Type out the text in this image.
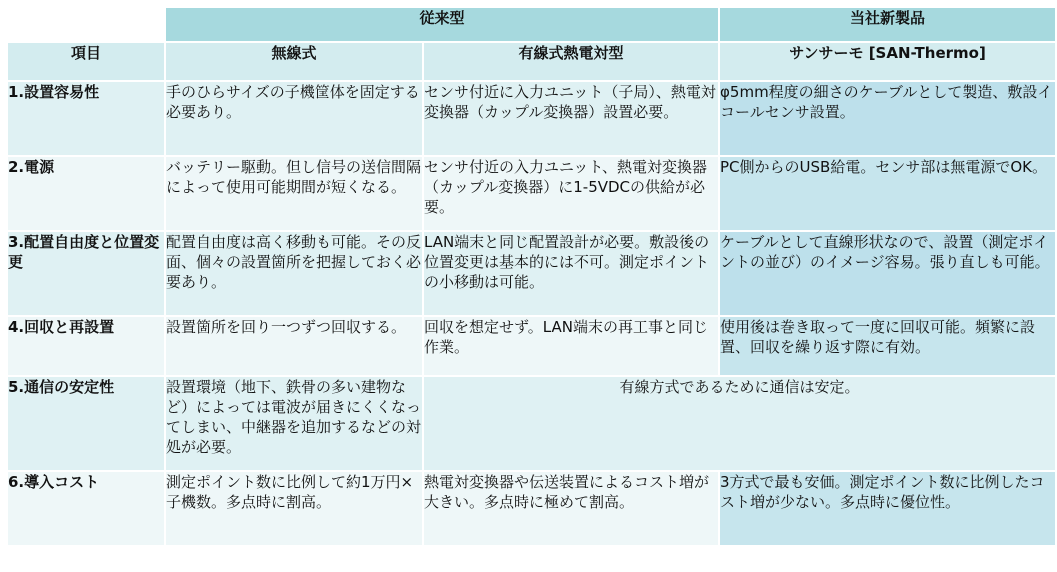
	従来型		当社新製品
項目	無線式	有線式熱電対型	サンサーモ [SAN-Thermo]
1.設置容易性	手のひらサイズの子機筐体を固定する必要あり。	センサ付近に入力ユニット（子局）、熱電対変換器（カップル変換器）設置必要。	φ5mm程度の細さのケーブルとして製造、敷設イコールセンサ設置。
2.電源	バッテリー駆動。但し信号の送信間隔によって使用可能期間が短くなる。	センサ付近の入力ユニット、熱電対変換器（カップル変換器）に1-5VDCの供給が必要。	PC側からのUSB給電。センサ部は無電源でOK。
3.配置自由度と位置変更	配置自由度は高く移動も可能。その反面、個々の設置箇所を把握しておく必要あり。	LAN端末と同じ配置設計が必要。敷設後の位置変更は基本的には不可。測定ポイントの小移動は可能。	ケーブルとして直線形状なので、設置（測定ポイントの並び）のイメージ容易。張り直しも可能。
4.回収と再設置	設置箇所を回り一つずつ回収する。	回収を想定せず。LAN端末の再工事と同じ作業。	使用後は巻き取って一度に回収可能。頻繁に設置、回収を繰り返す際に有効。
5.通信の安定性	設置環境（地下、鉄骨の多い建物など）によっては電波が届きにくくなってしまい、中継器を追加するなどの対処が必要。	有線方式であるために通信は安定。	
6.導入コスト	測定ポイント数に比例して約1万円×子機数。多点時に割高。	熱電対変換器や伝送装置によるコスト増が大きい。多点時に極めて割高。	3方式で最も安価。測定ポイント数に比例したコスト増が少ない。多点時に優位性。
